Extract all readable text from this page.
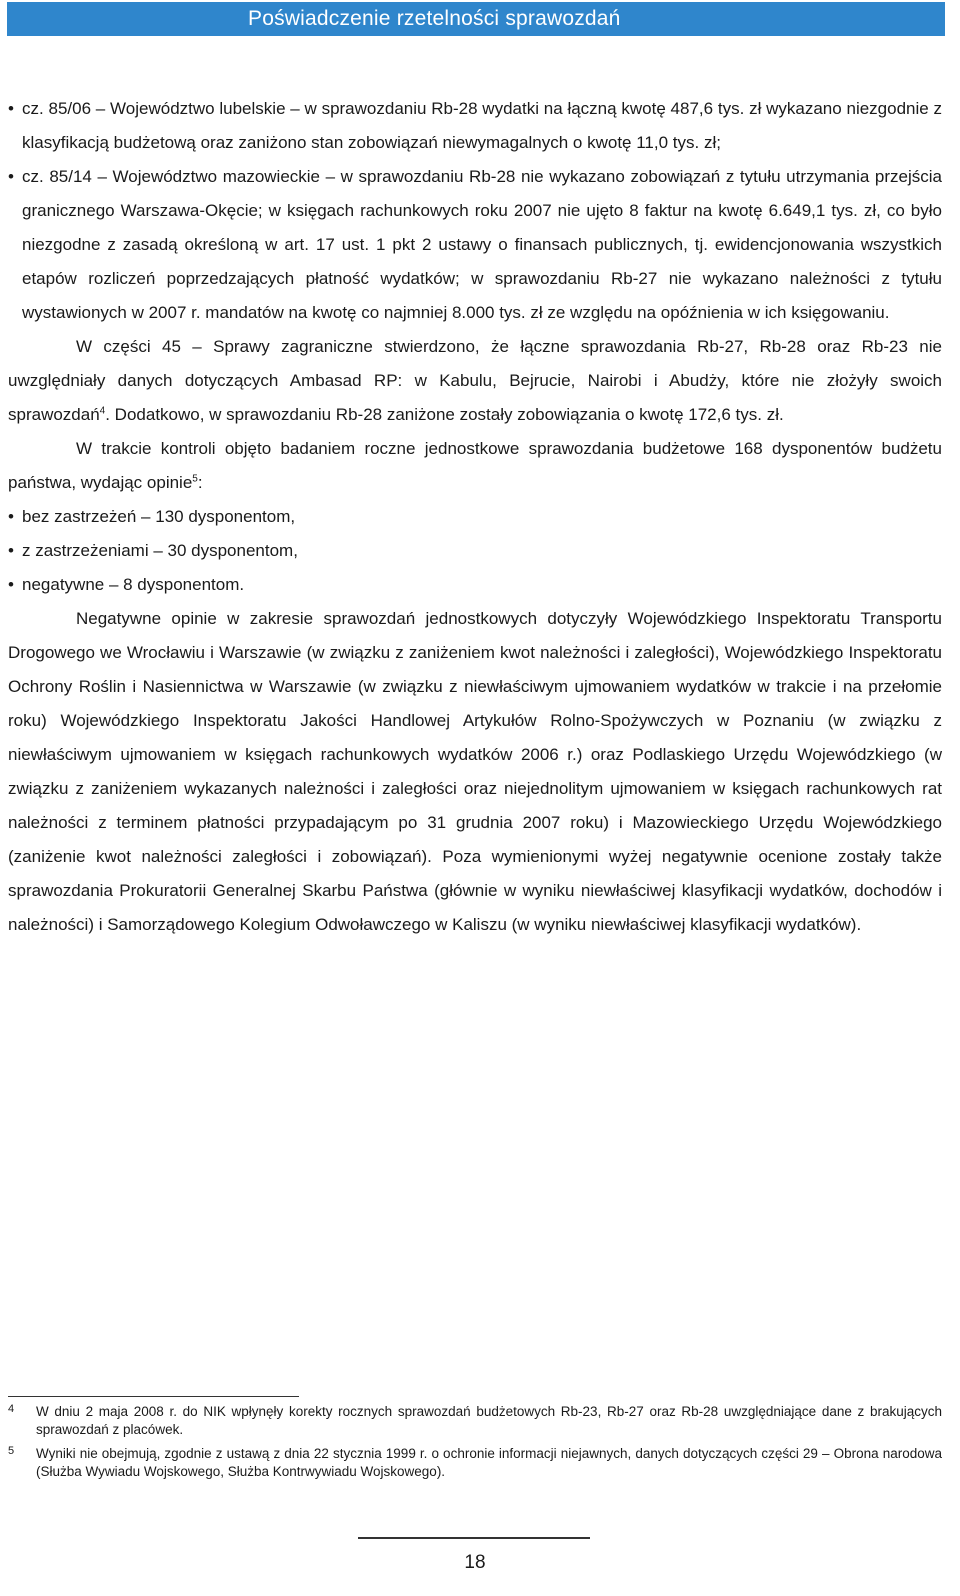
Poświadczenie rzetelności sprawozdań

• cz. 85/06 – Województwo lubelskie – w sprawozdaniu Rb-28 wydatki na łączną kwotę 487,6 tys. zł wykazano niezgodnie z klasyfikacją budżetową oraz zaniżono stan zobowiązań niewymagalnych o kwotę 11,0 tys. zł;

• cz. 85/14 – Województwo mazowieckie – w sprawozdaniu Rb-28 nie wykazano zobowiązań z tytułu utrzymania przejścia granicznego Warszawa-Okęcie; w księgach rachunkowych roku 2007 nie ujęto 8 faktur na kwotę 6.649,1 tys. zł, co było niezgodne z zasadą określoną w art. 17 ust. 1 pkt 2 ustawy o finansach publicznych, tj. ewidencjonowania wszystkich etapów rozliczeń poprzedzających płatność wydatków; w sprawozdaniu Rb-27 nie wykazano należności z tytułu wystawionych w 2007 r. mandatów na kwotę co najmniej 8.000 tys. zł ze względu na opóźnienia w ich księgowaniu.

W części 45 – Sprawy zagraniczne stwierdzono, że łączne sprawozdania Rb-27, Rb-28 oraz Rb-23 nie uwzględniały danych dotyczących Ambasad RP: w Kabulu, Bejrucie, Nairobi i Abudży, które nie złożyły swoich sprawozdań$^4$. Dodatkowo, w sprawozdaniu Rb-28 zaniżone zostały zobowiązania o kwotę 172,6 tys. zł.

W trakcie kontroli objęto badaniem roczne jednostkowe sprawozdania budżetowe 168 dysponentów budżetu państwa, wydając opinie$^5$:

• bez zastrzeżeń – 130 dysponentom,

• z zastrzeżeniami – 30 dysponentom,

• negatywne – 8 dysponentom.

Negatywne opinie w zakresie sprawozdań jednostkowych dotyczyły Wojewódzkiego Inspektoratu Transportu Drogowego we Wrocławiu i Warszawie (w związku z zaniżeniem kwot należności i zaległości), Wojewódzkiego Inspektoratu Ochrony Roślin i Nasiennictwa w Warszawie (w związku z niewłaściwym ujmowaniem wydatków w trakcie i na przełomie roku) Wojewódzkiego Inspektoratu Jakości Handlowej Artykułów Rolno-Spożywczych w Poznaniu (w związku z niewłaściwym ujmowaniem w księgach rachunkowych wydatków 2006 r.) oraz Podlaskiego Urzędu Wojewódzkiego (w związku z zaniżeniem wykazanych należności i zaległości oraz niejednolitym ujmowaniem w księgach rachunkowych rat należności z terminem płatności przypadającym po 31 grudnia 2007 roku) i Mazowieckiego Urzędu Wojewódzkiego (zaniżenie kwot należności zaległości i zobowiązań). Poza wymienionymi wyżej negatywnie ocenione zostały także sprawozdania Prokuratorii Generalnej Skarbu Państwa (głównie w wyniku niewłaściwej klasyfikacji wydatków, dochodów i należności) i Samorządowego Kolegium Odwoławczego w Kaliszu (w wyniku niewłaściwej klasyfikacji wydatków).

4 W dniu 2 maja 2008 r. do NIK wpłynęły korekty rocznych sprawozdań budżetowych Rb-23, Rb-27 oraz Rb-28 uwzględniające dane z brakujących sprawozdań z placówek.
5 Wyniki nie obejmują, zgodnie z ustawą z dnia 22 stycznia 1999 r. o ochronie informacji niejawnych, danych dotyczących części 29 – Obrona narodowa (Służba Wywiadu Wojskowego, Służba Kontrwywiadu Wojskowego).
18
